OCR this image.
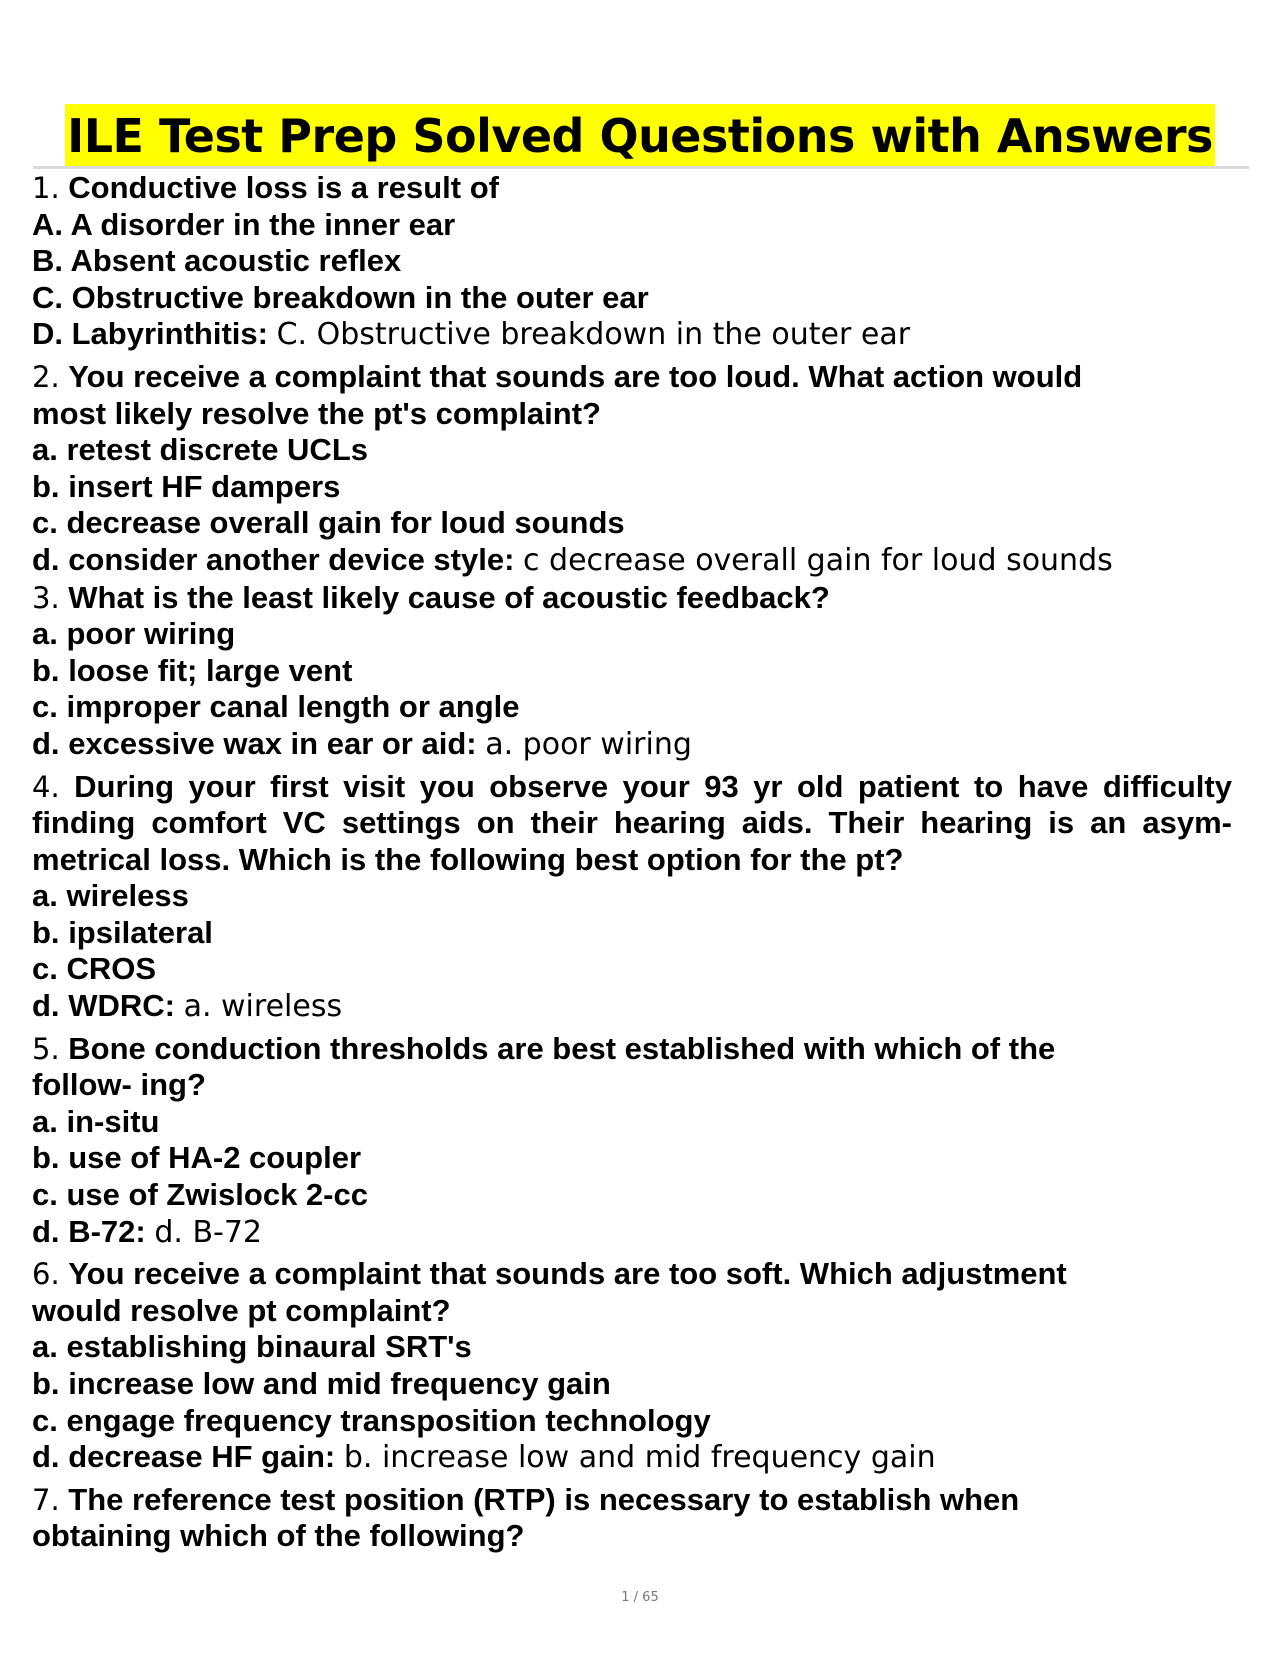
ILE Test Prep Solved Questions with Answers
1. Conductive loss is a result of
A. A disorder in the inner ear
B. Absent acoustic reflex
C. Obstructive breakdown in the outer ear
D. Labyrinthitis: C. Obstructive breakdown in the outer ear
2. You receive a complaint that sounds are too loud. What action would
most likely resolve the pt's complaint?
a. retest discrete UCLs
b. insert HF dampers
c. decrease overall gain for loud sounds
d. consider another device style: c decrease overall gain for loud sounds
3. What is the least likely cause of acoustic feedback?
a. poor wiring
b. loose fit; large vent
c. improper canal length or angle
d. excessive wax in ear or aid: a. poor wiring
4. During your first visit you observe your 93 yr old patient to have difficulty finding comfort VC settings on their hearing aids. Their hearing is an asym- metrical loss. Which is the following best option for the pt?
a. wireless
b. ipsilateral
c. CROS
d. WDRC: a. wireless
5. Bone conduction thresholds are best established with which of the
follow- ing?
a. in-situ
b. use of HA-2 coupler
c. use of Zwislock 2-cc
d. B-72: d. B-72
6. You receive a complaint that sounds are too soft. Which adjustment
would resolve pt complaint?
a. establishing binaural SRT's
b. increase low and mid frequency gain
c. engage frequency transposition technology
d. decrease HF gain: b. increase low and mid frequency gain
7. The reference test position (RTP) is necessary to establish when
obtaining which of the following?
1 / 65
